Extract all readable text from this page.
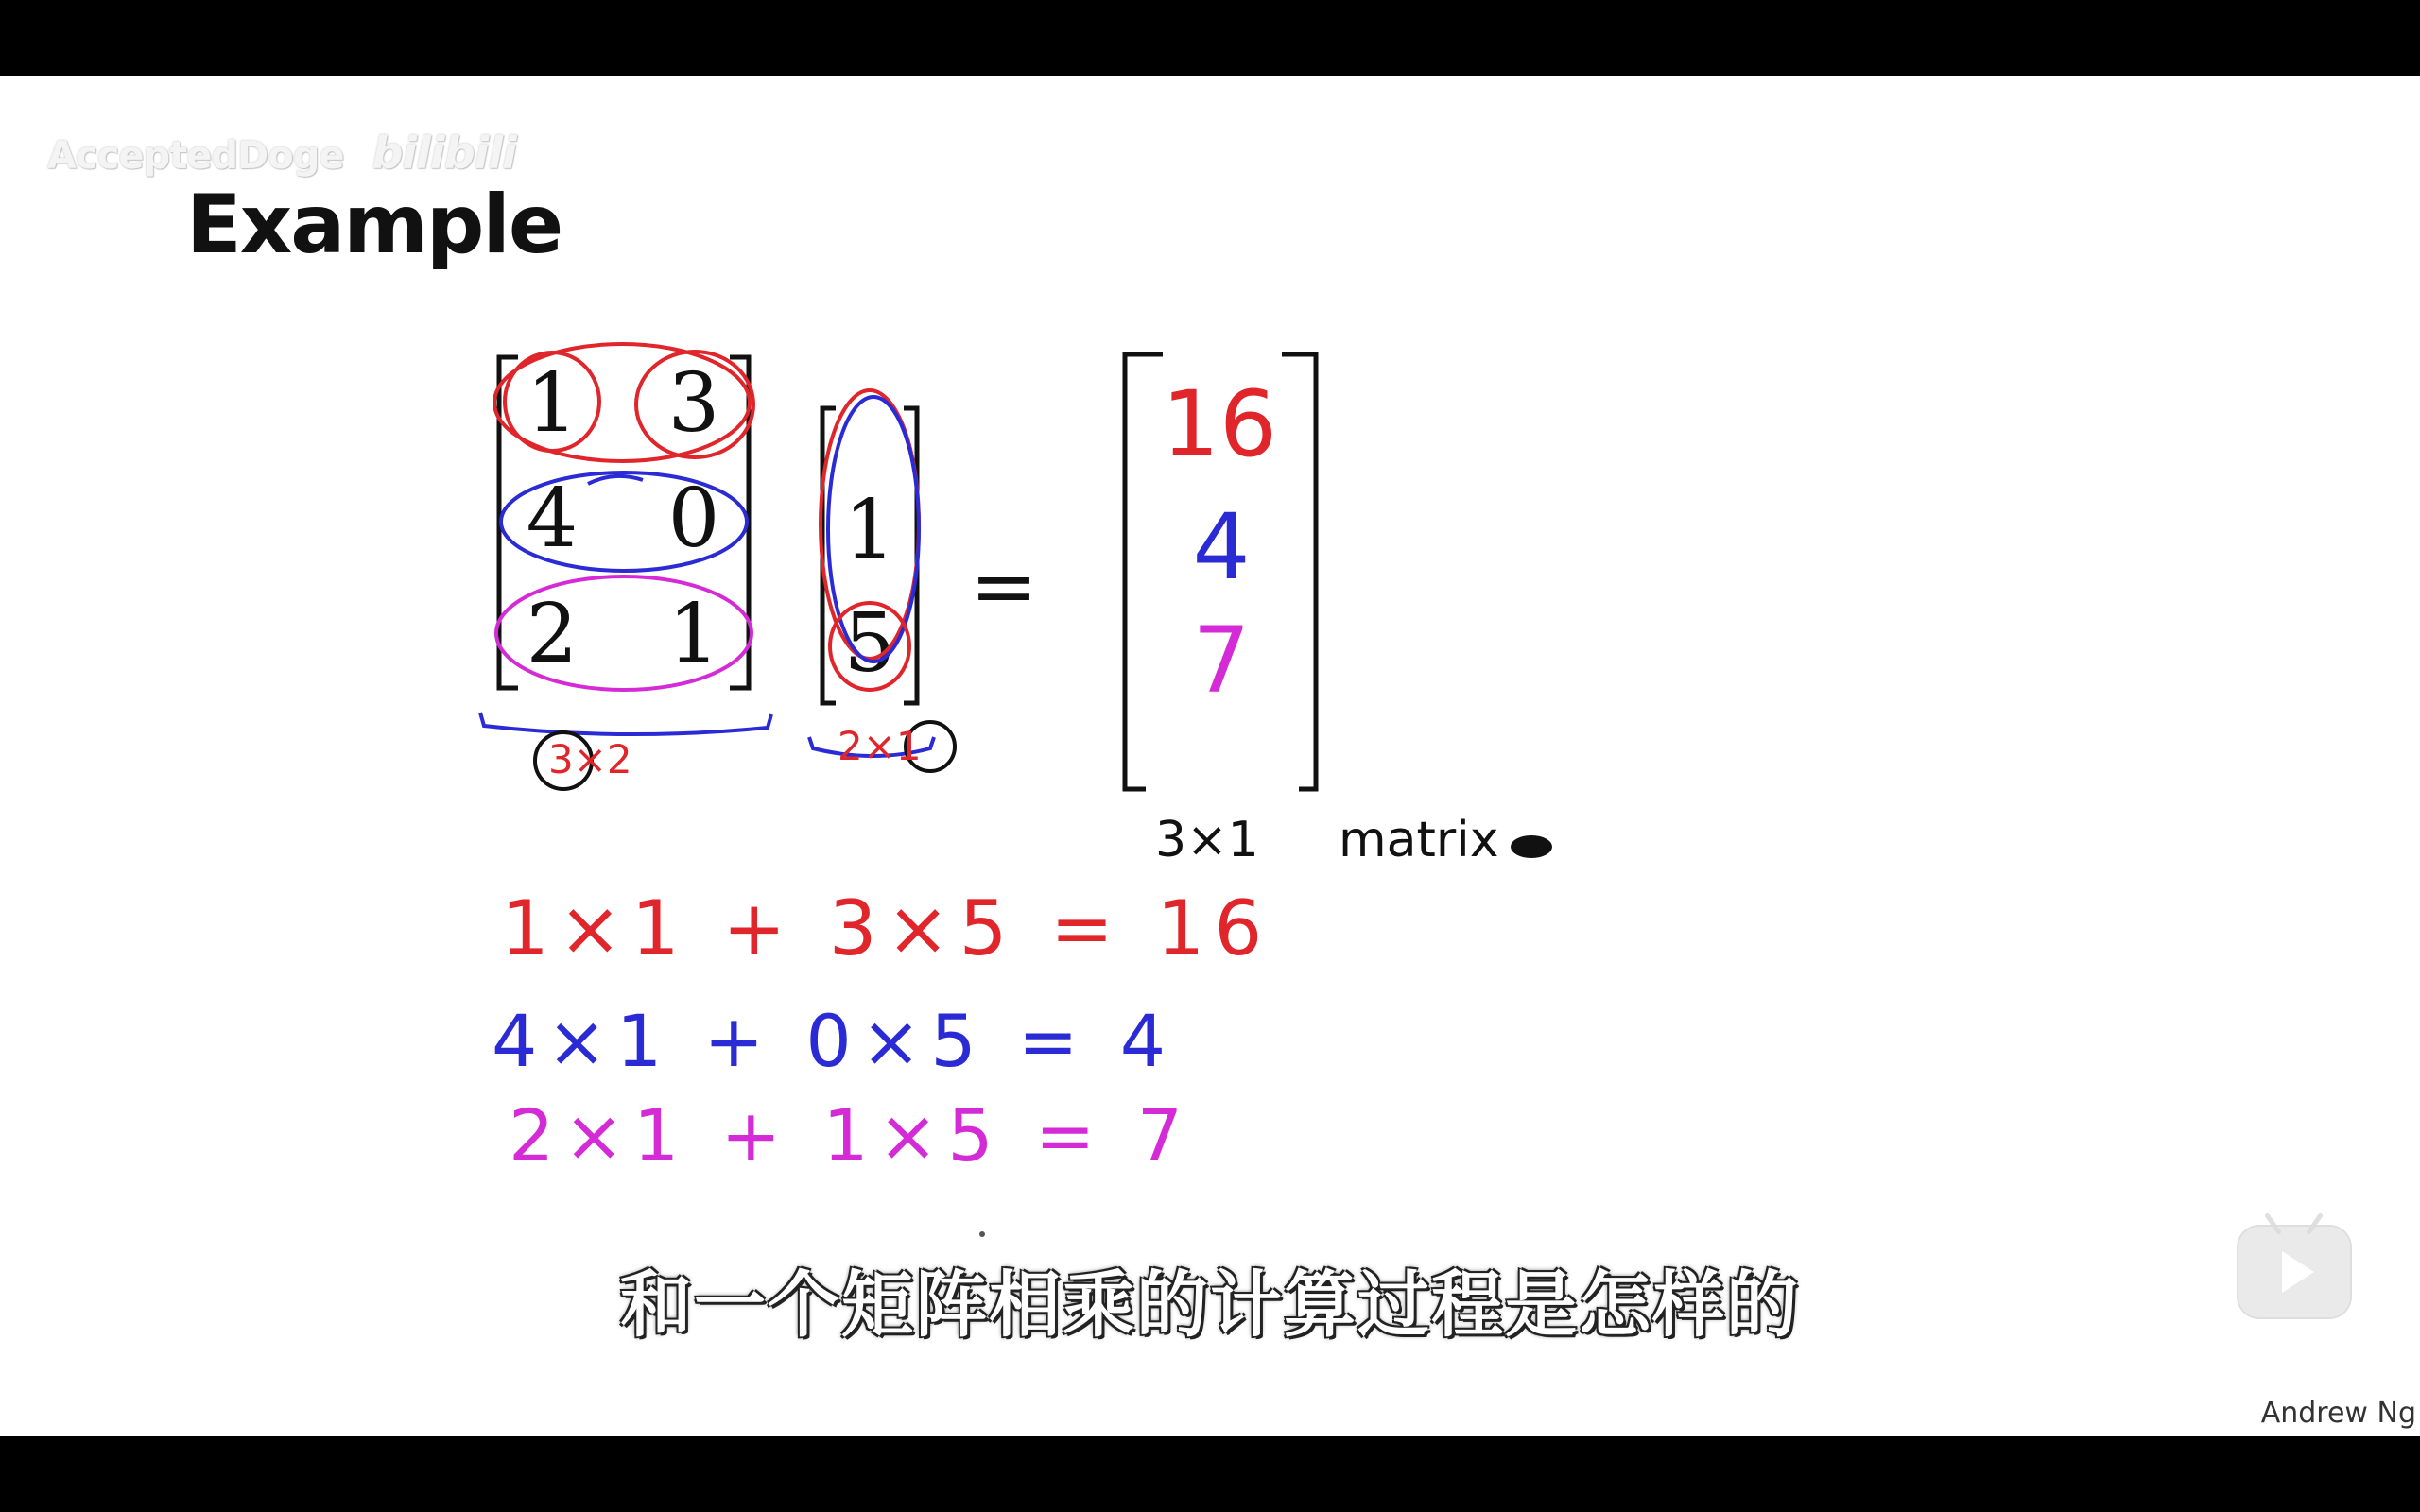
AcceptedDoge bilibili
Example
1 3
4 0
2 1
3×2
1
5
2×1
=
16
4
7
3×1 matrix
1×1 + 3×5 = 16
4×1 + 0×5 = 4
2×1 + 1×5 = 7
和一个矩阵相乘的计算过程是怎样的
Andrew Ng
